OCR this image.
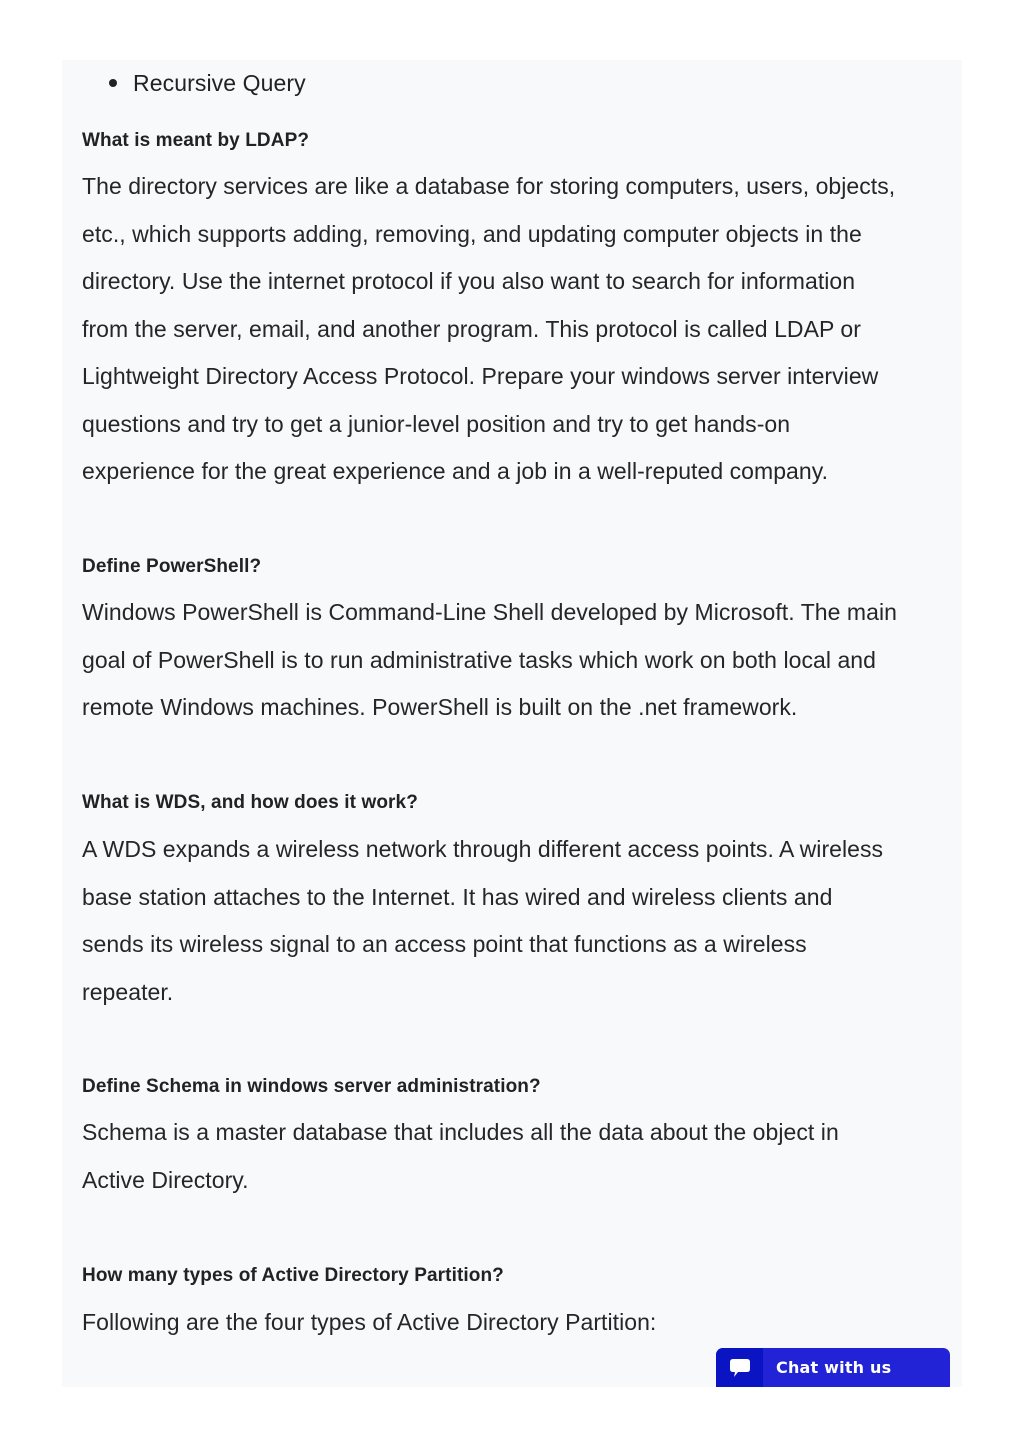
Recursive Query
What is meant by LDAP?

The directory services are like a database for storing computers, users, objects,
etc., which supports adding, removing, and updating computer objects in the
directory. Use the internet protocol if you also want to search for information
from the server, email, and another program. This protocol is called LDAP or
Lightweight Directory Access Protocol. Prepare your windows server interview
questions and try to get a junior-level position and try to get hands-on
experience for the great experience and a job in a well-reputed company.

Define PowerShell?

Windows PowerShell is Command-Line Shell developed by Microsoft. The main
goal of PowerShell is to run administrative tasks which work on both local and
remote Windows machines. PowerShell is built on the .net framework.

What is WDS, and how does it work?

A WDS expands a wireless network through different access points. A wireless
base station attaches to the Internet. It has wired and wireless clients and
sends its wireless signal to an access point that functions as a wireless
repeater.

Define Schema in windows server administration?

Schema is a master database that includes all the data about the object in
Active Directory.

How many types of Active Directory Partition?

Following are the four types of Active Directory Partition:

Chat with us
